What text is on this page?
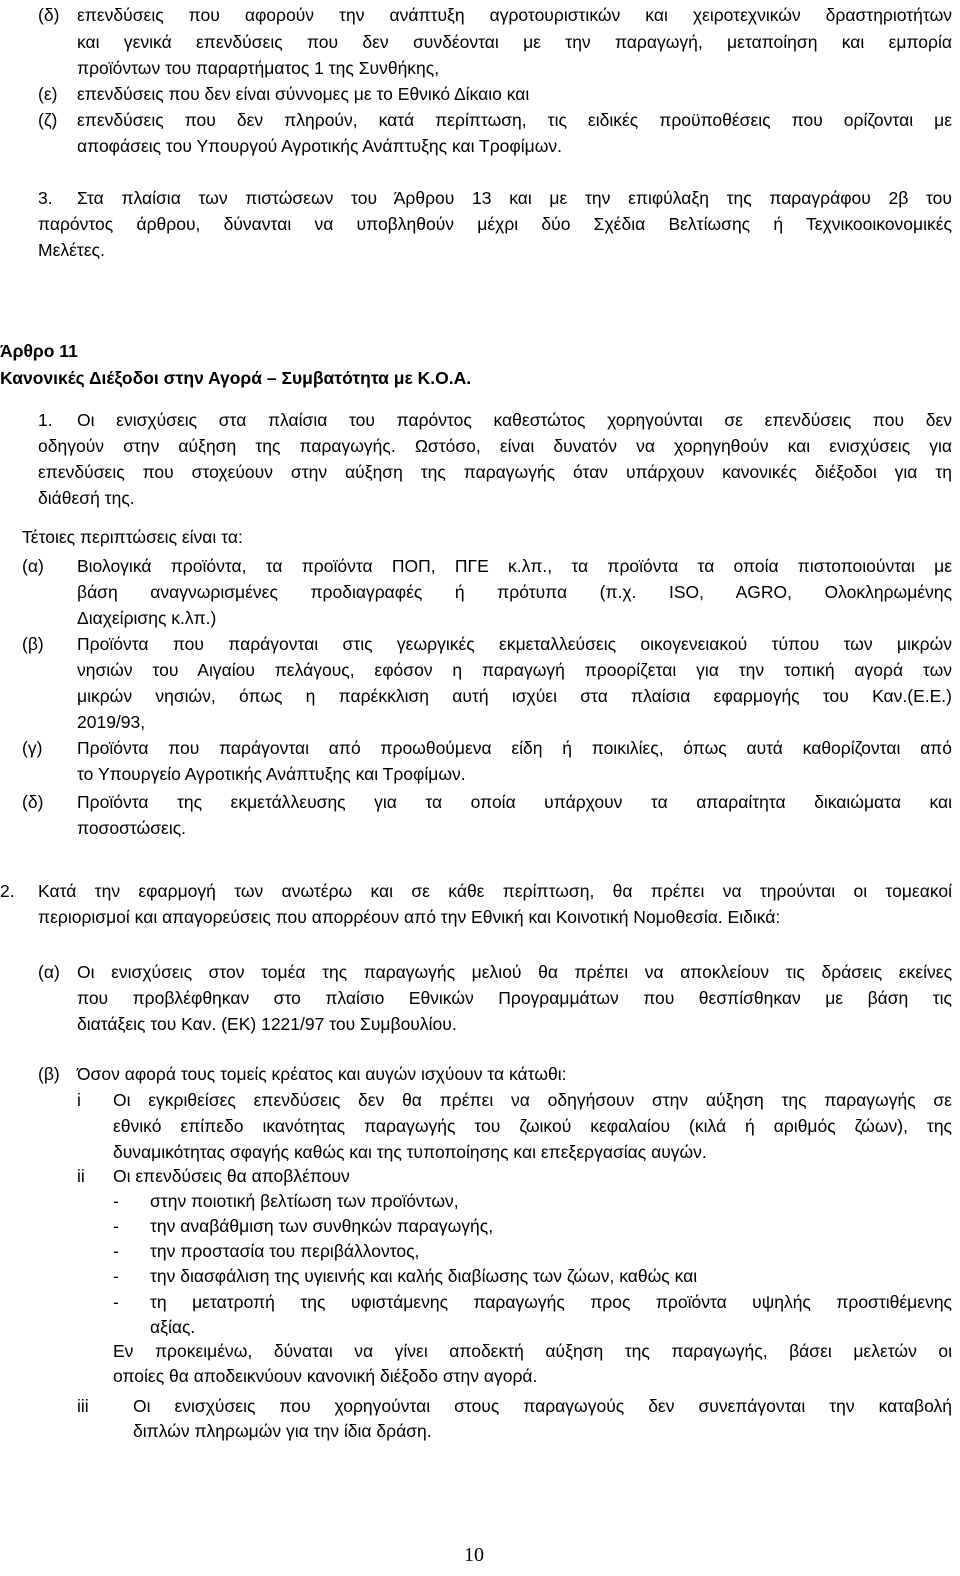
(δ) επενδύσεις που αφορούν την ανάπτυξη αγροτουριστικών και χειροτεχνικών δραστηριοτήτων
και γενικά επενδύσεις που δεν συνδέονται με την παραγωγή, μεταποίηση και εμπορία
προϊόντων του παραρτήματος 1 της Συνθήκης,
(ε) επενδύσεις που δεν είναι σύννομες με το Εθνικό Δίκαιο και
(ζ) επενδύσεις που δεν πληρούν, κατά περίπτωση, τις ειδικές προϋποθέσεις που ορίζονται με
αποφάσεις του Υπουργού Αγροτικής Ανάπτυξης και Τροφίμων.
3. Στα πλαίσια των πιστώσεων του Άρθρου 13 και με την επιφύλαξη της παραγράφου 2β του
παρόντος άρθρου, δύνανται να υποβληθούν μέχρι δύο Σχέδια Βελτίωσης ή Τεχνικοοικονομικές
Μελέτες.
Άρθρο 11
Κανονικές Διέξοδοι στην Αγορά – Συμβατότητα με Κ.Ο.Α.
1. Οι ενισχύσεις στα πλαίσια του παρόντος καθεστώτος χορηγούνται σε επενδύσεις που δεν
οδηγούν στην αύξηση της παραγωγής. Ωστόσο, είναι δυνατόν να χορηγηθούν και ενισχύσεις για
επενδύσεις που στοχεύουν στην αύξηση της παραγωγής όταν υπάρχουν κανονικές διέξοδοι για τη
διάθεσή της.
Τέτοιες περιπτώσεις είναι τα:
(α) Βιολογικά προϊόντα, τα προϊόντα ΠΟΠ, ΠΓΕ κ.λπ., τα προϊόντα τα οποία πιστοποιούνται με
βάση αναγνωρισμένες προδιαγραφές ή πρότυπα (π.χ. ISO, AGRO, Ολοκληρωμένης
Διαχείρισης κ.λπ.)
(β) Προϊόντα που παράγονται στις γεωργικές εκμεταλλεύσεις οικογενειακού τύπου των μικρών
νησιών του Αιγαίου πελάγους, εφόσον η παραγωγή προορίζεται για την τοπική αγορά των
μικρών νησιών, όπως η παρέκκλιση αυτή ισχύει στα πλαίσια εφαρμογής του Καν.(Ε.Ε.)
2019/93,
(γ) Προϊόντα που παράγονται από προωθούμενα είδη ή ποικιλίες, όπως αυτά καθορίζονται από
το Υπουργείο Αγροτικής Ανάπτυξης και Τροφίμων.
(δ) Προϊόντα της εκμετάλλευσης για τα οποία υπάρχουν τα απαραίτητα δικαιώματα και
ποσοστώσεις.
2. Κατά την εφαρμογή των ανωτέρω και σε κάθε περίπτωση, θα πρέπει να τηρούνται οι τομεακοί
περιορισμοί και απαγορεύσεις που απορρέουν από την Εθνική και Κοινοτική Νομοθεσία. Ειδικά:
(α) Οι ενισχύσεις στον τομέα της παραγωγής μελιού θα πρέπει να αποκλείουν τις δράσεις εκείνες
που προβλέφθηκαν στο πλαίσιο Εθνικών Προγραμμάτων που θεσπίσθηκαν με βάση τις
διατάξεις του Καν. (ΕΚ) 1221/97 του Συμβουλίου.
(β) Όσον αφορά τους τομείς κρέατος και αυγών ισχύουν τα κάτωθι:
i Οι εγκριθείσες επενδύσεις δεν θα πρέπει να οδηγήσουν στην αύξηση της παραγωγής σε
εθνικό επίπεδο ικανότητας παραγωγής του ζωικού κεφαλαίου (κιλά ή αριθμός ζώων), της
δυναμικότητας σφαγής καθώς και της τυποποίησης και επεξεργασίας αυγών.
ii Οι επενδύσεις θα αποβλέπουν
- στην ποιοτική βελτίωση των προϊόντων,
- την αναβάθμιση των συνθηκών παραγωγής,
- την προστασία του περιβάλλοντος,
- την διασφάλιση της υγιεινής και καλής διαβίωσης των ζώων, καθώς και
- τη μετατροπή της υφιστάμενης παραγωγής προς προϊόντα υψηλής προστιθέμενης
αξίας.
Εν προκειμένω, δύναται να γίνει αποδεκτή αύξηση της παραγωγής, βάσει μελετών οι
οποίες θα αποδεικνύουν κανονική διέξοδο στην αγορά.
iii	Οι ενισχύσεις που χορηγούνται στους παραγωγούς δεν συνεπάγονται την καταβολή
διπλών πληρωμών για την ίδια δράση.
10
